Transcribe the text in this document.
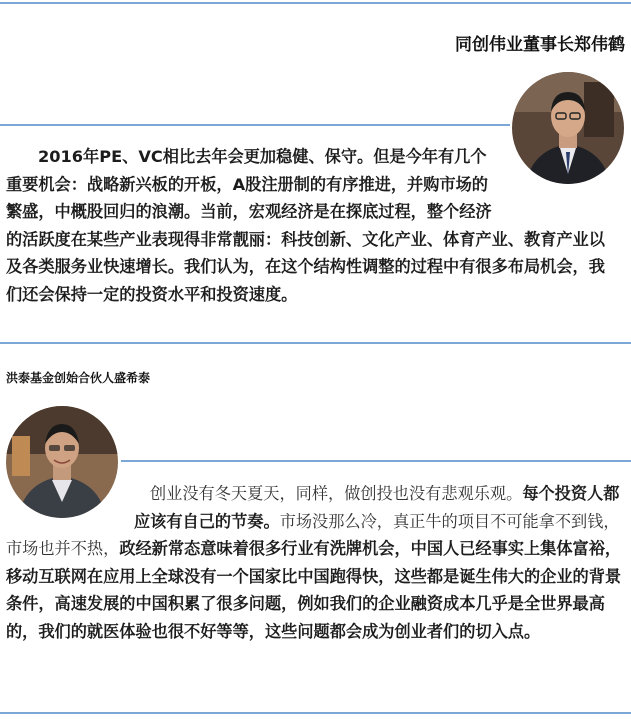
同创伟业董事长郑伟鹤

2016年PE、VC相比去年会更加稳健、保守。但是今年有几个重要机会：战略新兴板的开板，A股注册制的有序推进，并购市场的繁盛，中概股回归的浪潮。当前，宏观经济是在探底过程，整个经济的活跃度在某些产业表现得非常靓丽：科技创新、文化产业、体育产业、教育产业以及各类服务业快速增长。我们认为，在这个结构性调整的过程中有很多布局机会，我们还会保持一定的投资水平和投资速度。

洪泰基金创始合伙人盛希泰

创业没有冬天夏天，同样，做创投也没有悲观乐观。每个投资人都应该有自己的节奏。市场没那么冷，真正牛的项目不可能拿不到钱，市场也并不热，政经新常态意味着很多行业有洗牌机会，中国人已经事实上集体富裕，移动互联网在应用上全球没有一个国家比中国跑得快，这些都是诞生伟大的企业的背景条件，高速发展的中国积累了很多问题，例如我们的企业融资成本几乎是全世界最高的，我们的就医体验也很不好等等，这些问题都会成为创业者们的切入点。
